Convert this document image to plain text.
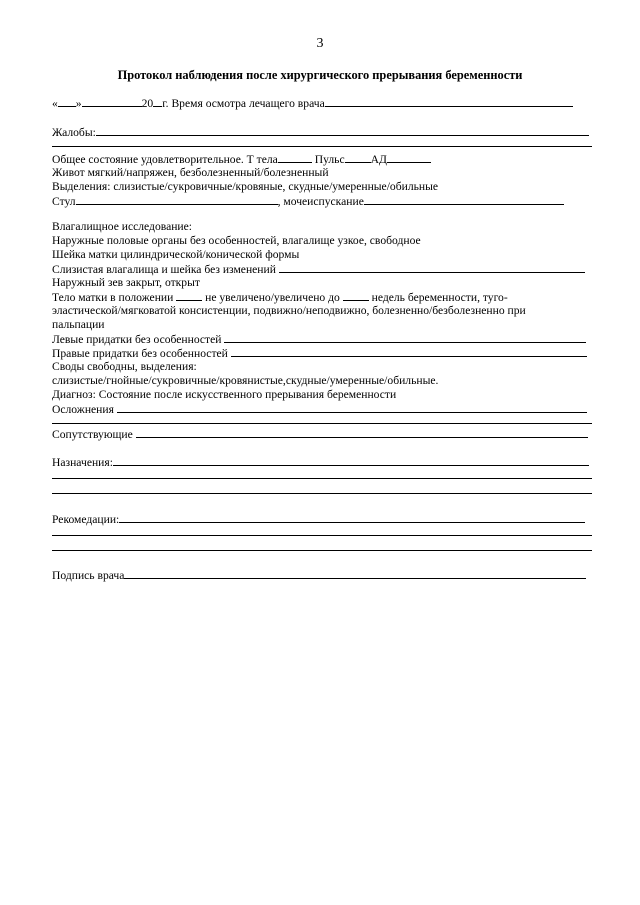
3
Протокол наблюдения после хирургического прерывания беременности
« »	20 г. Время осмотра лечащего врача
Жалобы:
Общее состояние удовлетворительное. Т тела	Пульс АД
Живот мягкий/напряжен, безболезненный/болезненный
Выделения: слизистые/сукровичные/кровяные, скудные/умеренные/обильные
Стул	, мочеиспускание
Влагалищное исследование:
Наружные половые органы без особенностей, влагалище узкое, свободное
Шейка матки цилиндрической/конической формы
Слизистая влагалища и шейка без изменений
Наружный зев закрыт, открыт
Тело матки в положении	не увеличено/увеличено до	недель беременности, туго-
эластической/мягковатой консистенции, подвижно/неподвижно, болезненно/безболезненно при
пальпации
Левые придатки без особенностей
Правые придатки без особенностей
Своды свободны, выделения:
слизистые/гнойные/сукровичные/кровянистые,скудные/умеренные/обильные.
Диагноз: Состояние после искусственного прерывания беременности
Осложнения
Сопутствующие
Назначения:
Рекомедации:
Подпись врача
